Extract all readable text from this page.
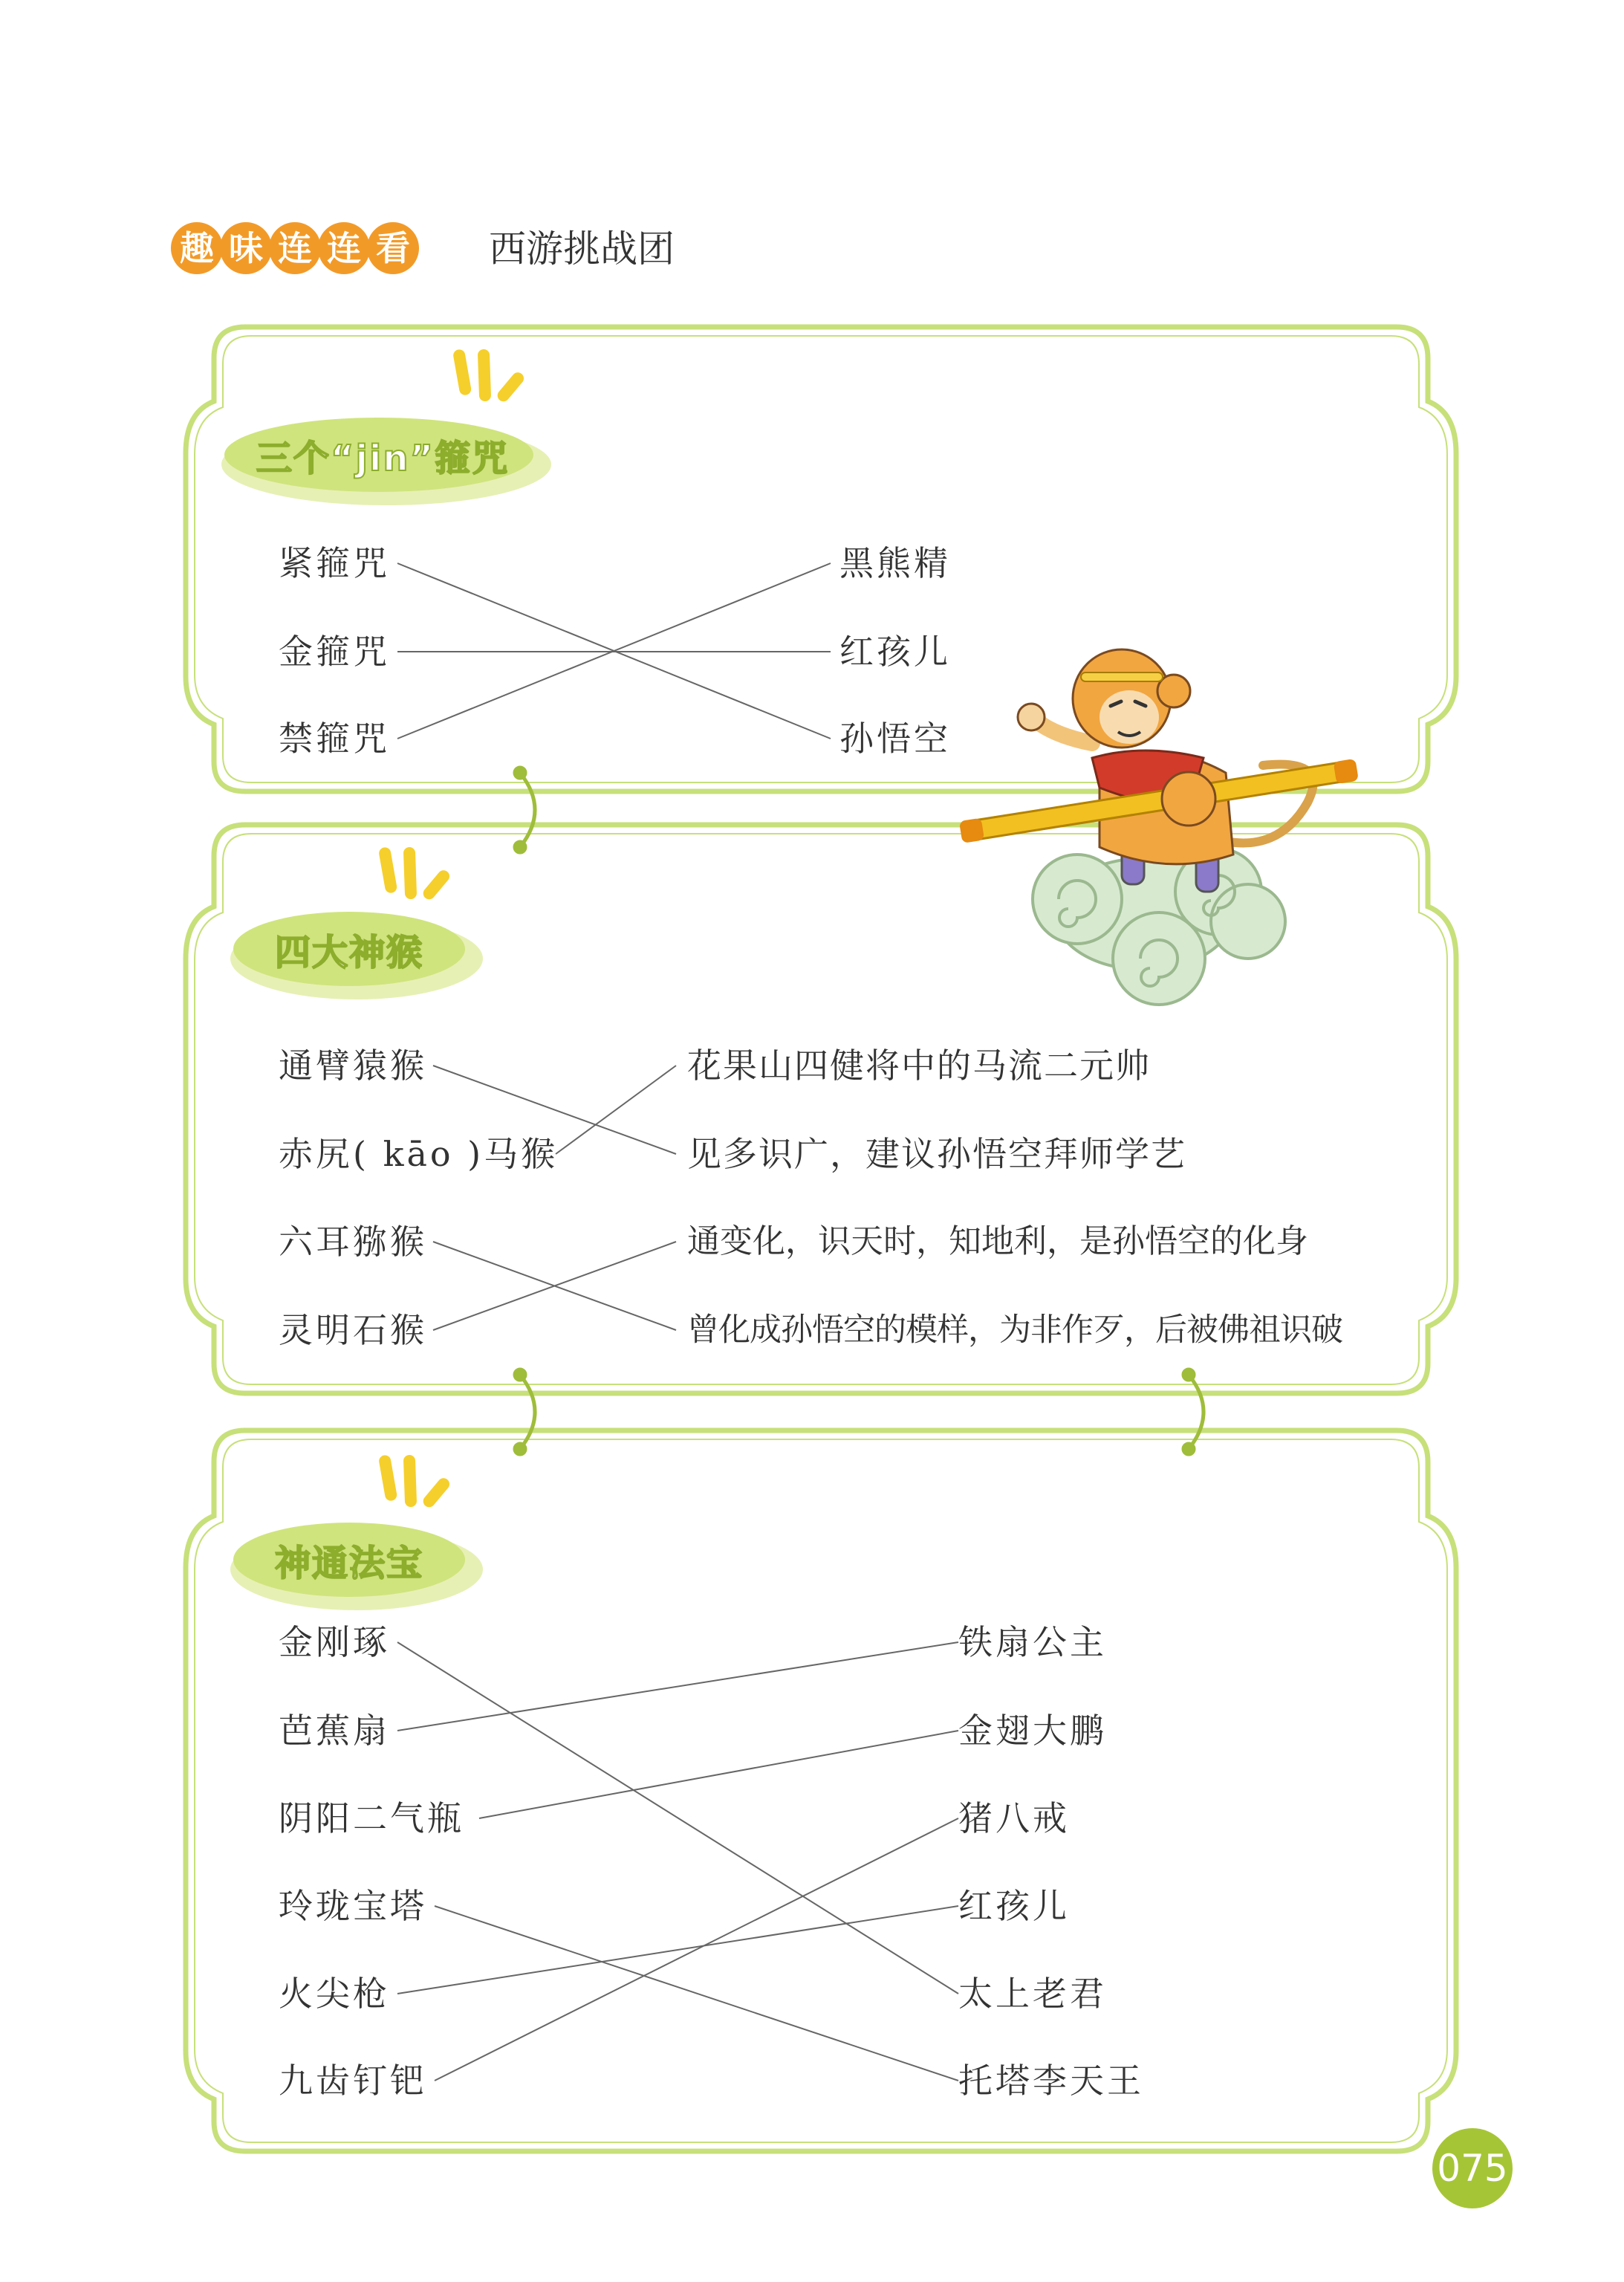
趣 味 连 连 看 西游挑战团
三个“jin”箍咒
四大神猴
神通法宝
紧箍咒
金箍咒
禁箍咒
黑熊精
红孩儿
孙悟空
通臂猿猴
赤尻( kāo )马猴
六耳猕猴
灵明石猴
花果山四健将中的马流二元帅
见多识广，建议孙悟空拜师学艺
通变化，识天时，知地利，是孙悟空的化身
曾化成孙悟空的模样，为非作歹，后被佛祖识破
金刚琢
芭蕉扇
阴阳二气瓶
玲珑宝塔
火尖枪
九齿钉钯
铁扇公主
金翅大鹏
猪八戒
红孩儿
太上老君
托塔李天王
075
